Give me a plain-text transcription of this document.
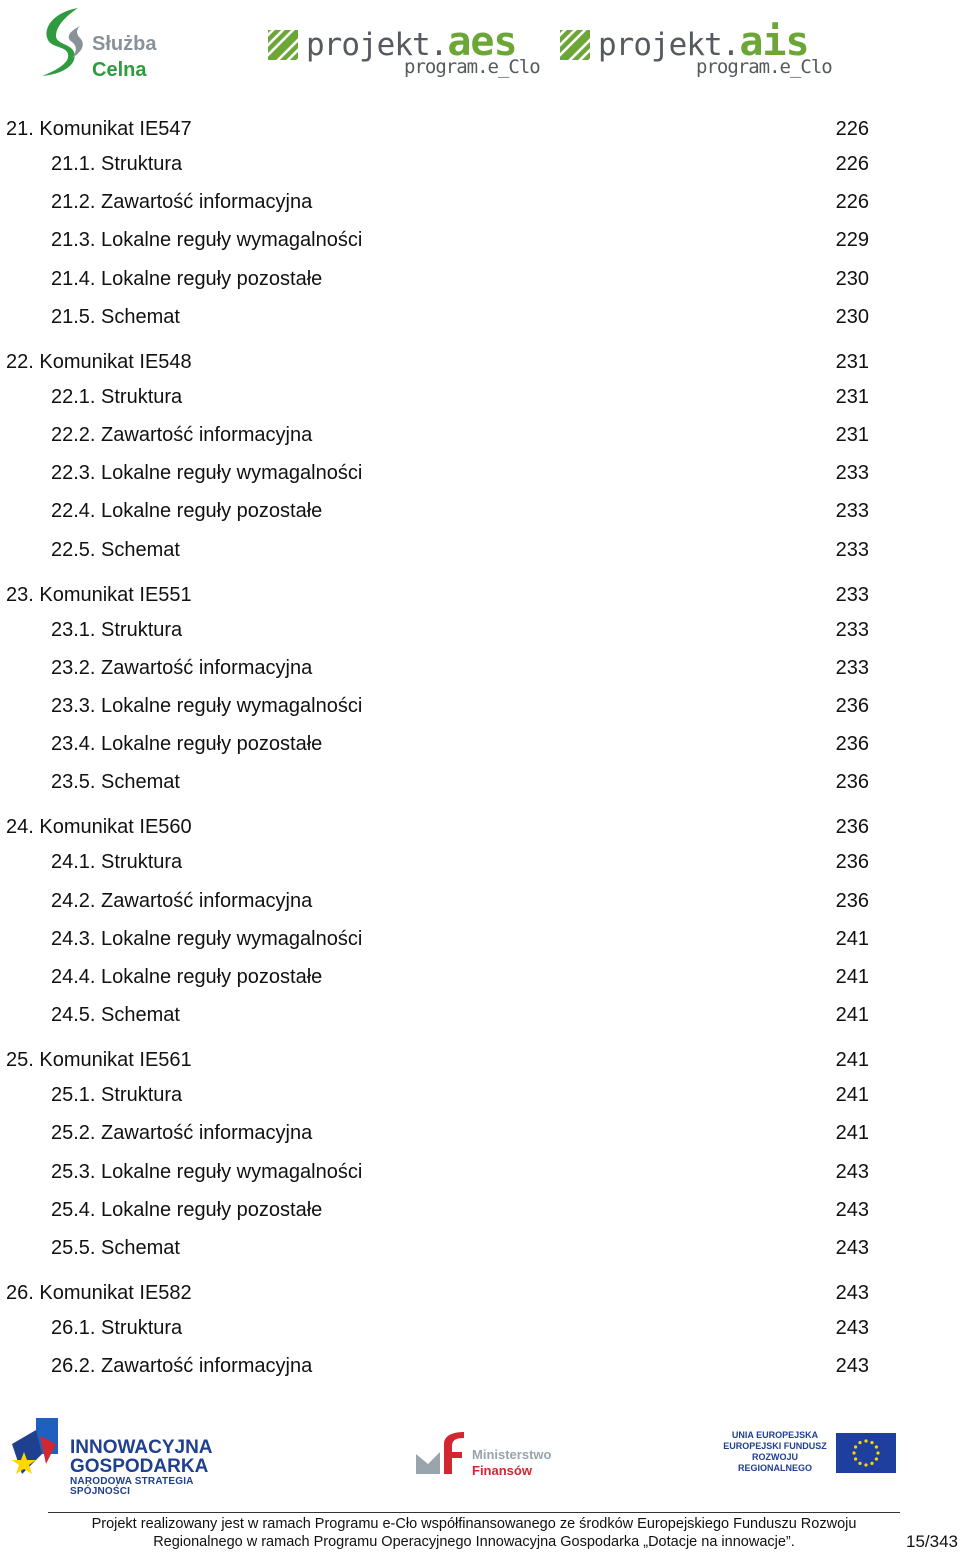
Służba
Celna
projekt.aes
program.e_Clo
projekt.ais
program.e_Clo
21. Komunikat IE547	226
21.1. Struktura	226
21.2. Zawartość informacyjna	226
21.3. Lokalne reguły wymagalności	229
21.4. Lokalne reguły pozostałe	230
21.5. Schemat	230
22. Komunikat IE548	231
22.1. Struktura	231
22.2. Zawartość informacyjna	231
22.3. Lokalne reguły wymagalności	233
22.4. Lokalne reguły pozostałe	233
22.5. Schemat	233
23. Komunikat IE551	233
23.1. Struktura	233
23.2. Zawartość informacyjna	233
23.3. Lokalne reguły wymagalności	236
23.4. Lokalne reguły pozostałe	236
23.5. Schemat	236
24. Komunikat IE560	236
24.1. Struktura	236
24.2. Zawartość informacyjna	236
24.3. Lokalne reguły wymagalności	241
24.4. Lokalne reguły pozostałe	241
24.5. Schemat	241
25. Komunikat IE561	241
25.1. Struktura	241
25.2. Zawartość informacyjna	241
25.3. Lokalne reguły wymagalności	243
25.4. Lokalne reguły pozostałe	243
25.5. Schemat	243
26. Komunikat IE582	243
26.1. Struktura	243
26.2. Zawartość informacyjna	243
INNOWACYJNA
GOSPODARKA
NARODOWA STRATEGIA SPÓJNOŚCI
Ministerstwo
Finansów
UNIA EUROPEJSKA
EUROPEJSKI FUNDUSZ
ROZWOJU REGIONALNEGO
Projekt realizowany jest w ramach Programu e-Cło współfinansowanego ze środków Europejskiego Funduszu Rozwoju
Regionalnego w ramach Programu Operacyjnego Innowacyjna Gospodarka „Dotacje na innowacje”.	15/343
